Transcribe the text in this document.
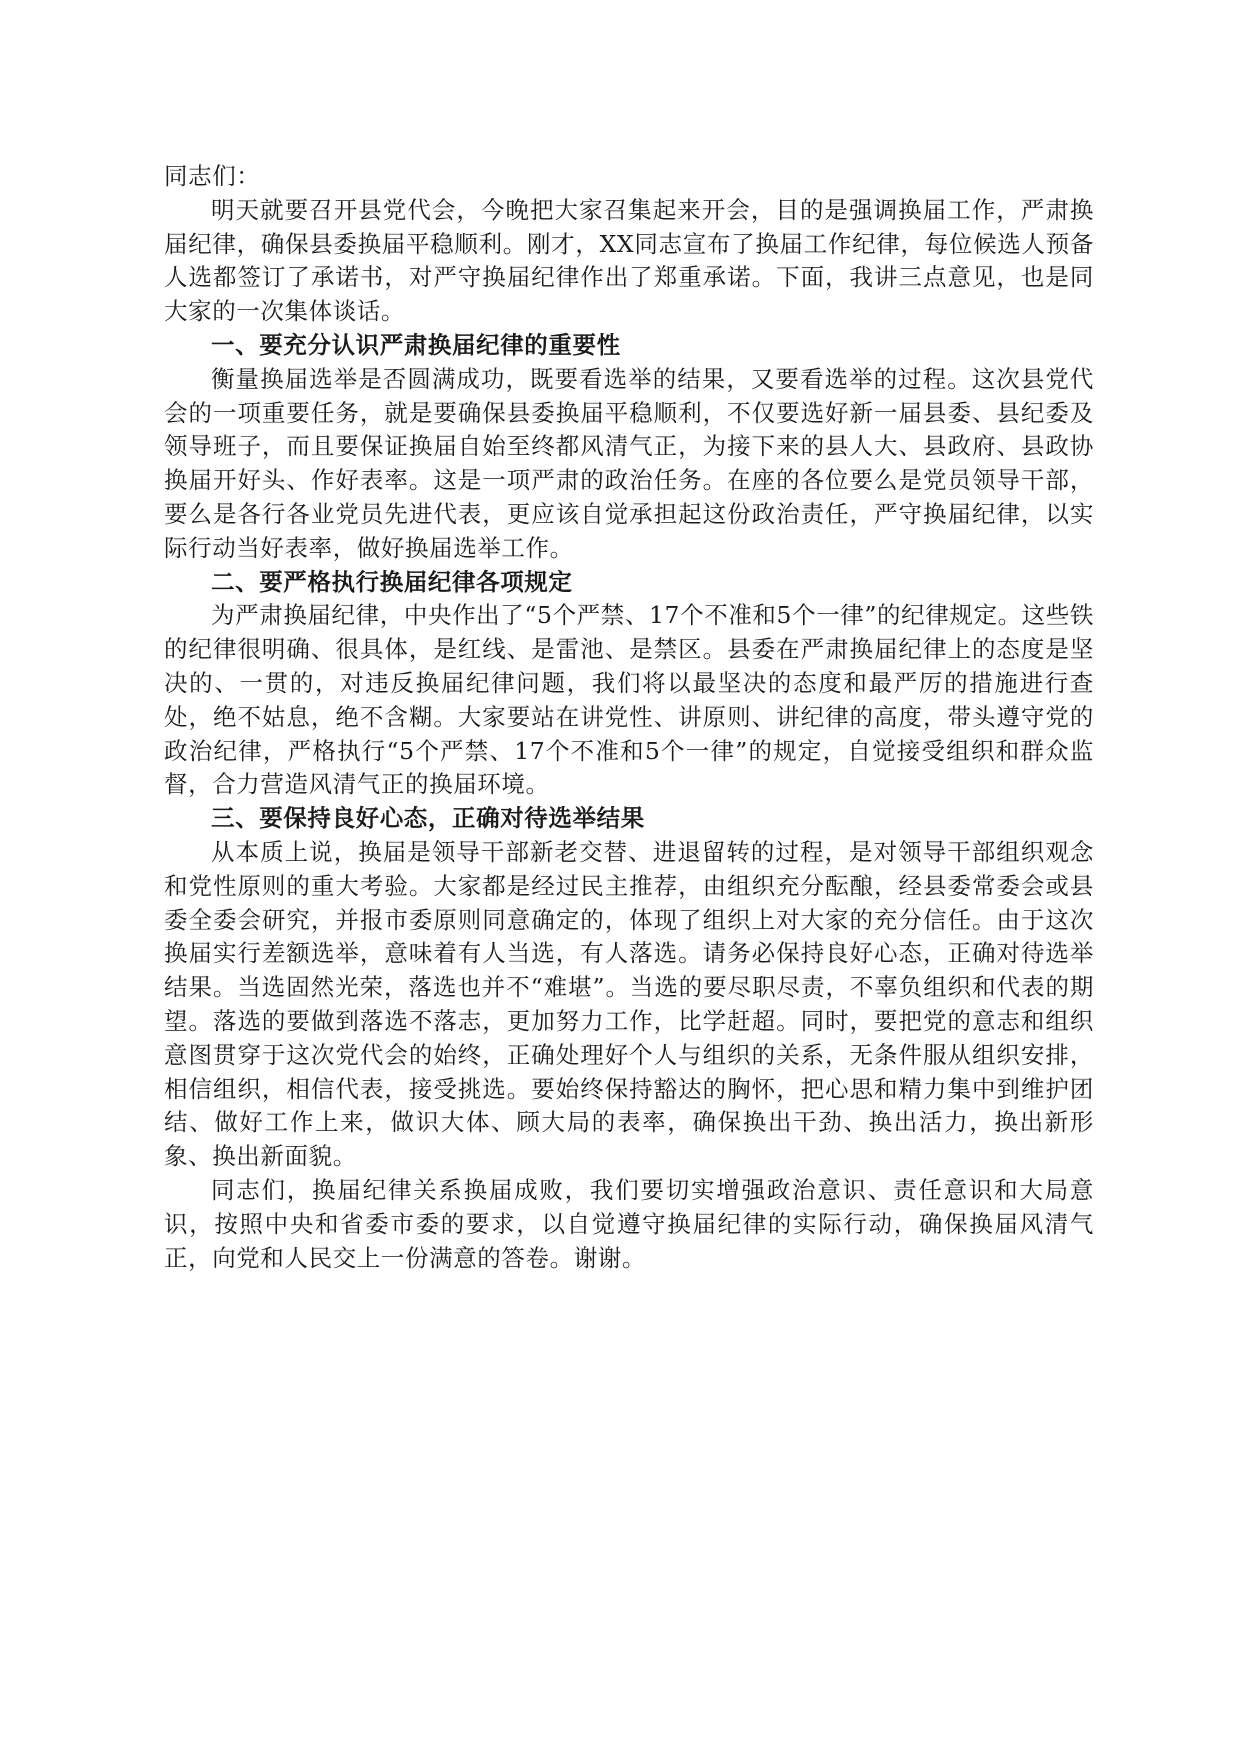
同志们：

明天就要召开县党代会，今晚把大家召集起来开会，目的是强调换届工作，严肃换届纪律，确保县委换届平稳顺利。刚才，XX同志宣布了换届工作纪律，每位候选人预备人选都签订了承诺书，对严守换届纪律作出了郑重承诺。下面，我讲三点意见，也是同大家的一次集体谈话。

一、要充分认识严肃换届纪律的重要性

衡量换届选举是否圆满成功，既要看选举的结果，又要看选举的过程。这次县党代会的一项重要任务，就是要确保县委换届平稳顺利，不仅要选好新一届县委、县纪委及领导班子，而且要保证换届自始至终都风清气正，为接下来的县人大、县政府、县政协换届开好头、作好表率。这是一项严肃的政治任务。在座的各位要么是党员领导干部，要么是各行各业党员先进代表，更应该自觉承担起这份政治责任，严守换届纪律，以实际行动当好表率，做好换届选举工作。

二、要严格执行换届纪律各项规定

为严肃换届纪律，中央作出了“5个严禁、17个不准和5个一律”的纪律规定。这些铁的纪律很明确、很具体，是红线、是雷池、是禁区。县委在严肃换届纪律上的态度是坚决的、一贯的，对违反换届纪律问题，我们将以最坚决的态度和最严厉的措施进行查处，绝不姑息，绝不含糊。大家要站在讲党性、讲原则、讲纪律的高度，带头遵守党的政治纪律，严格执行“5个严禁、17个不准和5个一律”的规定，自觉接受组织和群众监督，合力营造风清气正的换届环境。

三、要保持良好心态，正确对待选举结果

从本质上说，换届是领导干部新老交替、进退留转的过程，是对领导干部组织观念和党性原则的重大考验。大家都是经过民主推荐，由组织充分酝酿，经县委常委会或县委全委会研究，并报市委原则同意确定的，体现了组织上对大家的充分信任。由于这次换届实行差额选举，意味着有人当选，有人落选。请务必保持良好心态，正确对待选举结果。当选固然光荣，落选也并不“难堪”。当选的要尽职尽责，不辜负组织和代表的期望。落选的要做到落选不落志，更加努力工作，比学赶超。同时，要把党的意志和组织意图贯穿于这次党代会的始终，正确处理好个人与组织的关系，无条件服从组织安排，相信组织，相信代表，接受挑选。要始终保持豁达的胸怀，把心思和精力集中到维护团结、做好工作上来，做识大体、顾大局的表率，确保换出干劲、换出活力，换出新形象、换出新面貌。

同志们，换届纪律关系换届成败，我们要切实增强政治意识、责任意识和大局意识，按照中央和省委市委的要求，以自觉遵守换届纪律的实际行动，确保换届风清气正，向党和人民交上一份满意的答卷。谢谢。
